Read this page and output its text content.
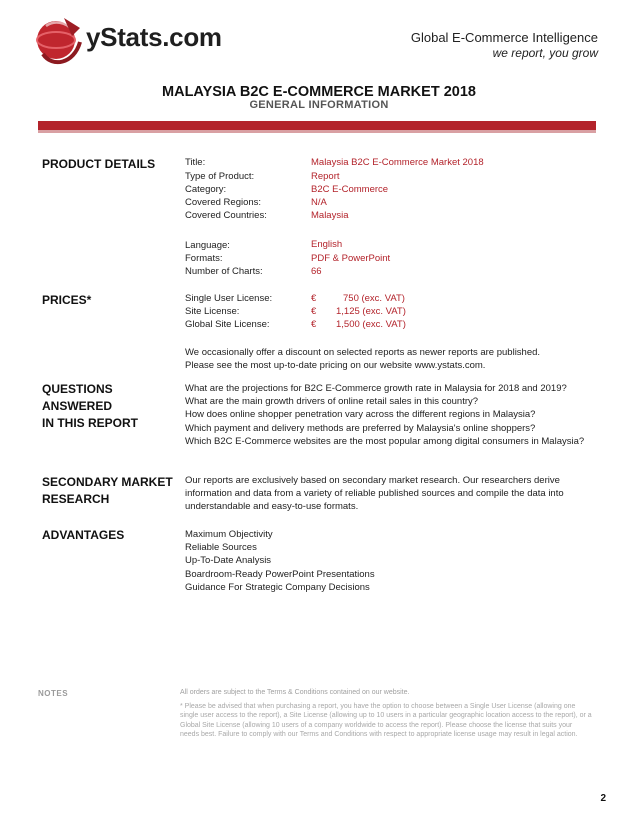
yStats.com	Global E-Commerce Intelligence
we report, you grow
MALAYSIA B2C E-COMMERCE MARKET 2018
GENERAL INFORMATION
PRODUCT DETAILS	Title:	Malaysia B2C E-Commerce Market 2018
Type of Product:	Report
Category:	B2C E-Commerce
Covered Regions:	N/A
Covered Countries:	Malaysia
Language:	English
Formats:	PDF & PowerPoint
Number of Charts:	66
PRICES*	Single User License:	€	750 (exc. VAT)
Site License:	€ 1,125 (exc. VAT)
Global Site License:	€ 1,500 (exc. VAT)
We occasionally offer a discount on selected reports as newer reports are published.
Please see the most up-to-date pricing on our website www.ystats.com.
QUESTIONS
ANSWERED
IN THIS REPORT
What are the projections for B2C E-Commerce growth rate in Malaysia for 2018 and 2019?
What are the main growth drivers of online retail sales in this country?
How does online shopper penetration vary across the different regions in Malaysia?
Which payment and delivery methods are preferred by Malaysia's online shoppers?
Which B2C E-Commerce websites are the most popular among digital consumers in Malaysia?
SECONDARY MARKET
RESEARCH
Our reports are exclusively based on secondary market research. Our researchers derive
information and data from a variety of reliable published sources and compile the data into
understandable and easy-to-use formats.
ADVANTAGES	Maximum Objectivity
Reliable Sources
Up-To-Date Analysis
Boardroom-Ready PowerPoint Presentations
Guidance For Strategic Company Decisions
NOTES	All orders are subject to the Terms & Conditions contained on our website.
* Please be advised that when purchasing a report, you have the option to choose between a Single User License (allowing one single user access to the report), a Site License (allowing up to 10 users in a particular geographic location access to the report), or a Global Site License (allowing 10 users of a company worldwide to access the report). Please choose the license that suits your needs best. Failure to comply with our Terms and Conditions with respect to appropriate license usage may result in legal action.
2
